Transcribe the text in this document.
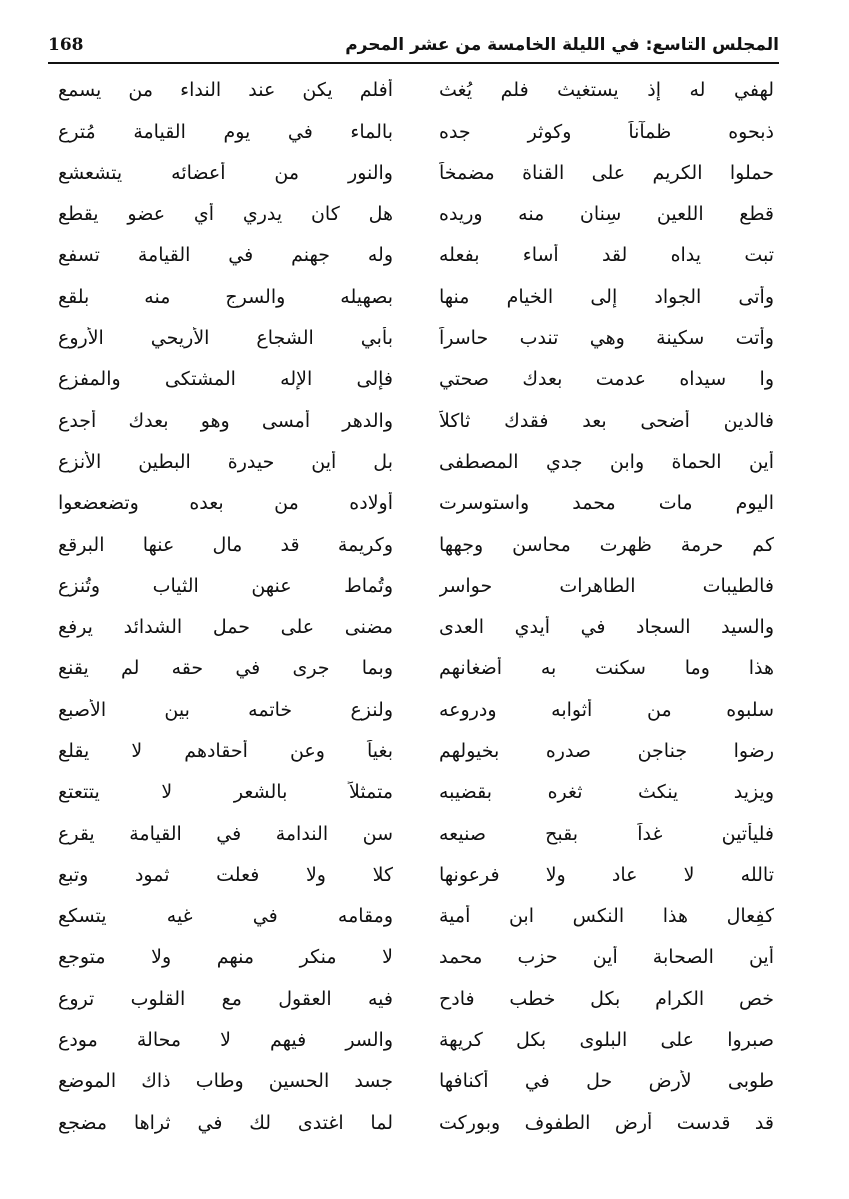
168	المجلس التاسع: في الليلة الخامسة من عشر المحرم
لهفي له إذ يستغيث فلم يُغث
أفلم يكن عند النداء من يسمع
ذبحوه ظمآناً وكوثر جده
بالماء في يوم القيامة مُترع
حملوا الكريم على القناة مضمخاً
والنور من أعضائه يتشعشع
قطع اللعين سِنان منه وريده
هل كان يدري أي عضو يقطع
تبت يداه لقد أساء بفعله
وله جهنم في القيامة تسفع
وأتى الجواد إلى الخيام منها
بصهيله والسرج منه بلقع
وأتت سكينة وهي تندب حاسراً
بأبي الشجاع الأريحي الأروع
وا سيداه عدمت بعدك صحتي
فإلى الإله المشتكى والمفزع
فالدين أضحى بعد فقدك ثاكلاً
والدهر أمسى وهو بعدك أجدع
أين الحماة وابن جدي المصطفى
بل أين حيدرة البطين الأنزع
اليوم مات محمد واستوسرت
أولاده من بعده وتضعضعوا
كم حرمة ظهرت محاسن وجهها
وكريمة قد مال عنها البرقع
فالطيبات الطاهرات حواسر
وتُماط عنهن الثياب وتُنزع
والسيد السجاد في أيدي العدى
مضنى على حمل الشدائد يرفع
هذا وما سكنت به أضغانهم
وبما جرى في حقه لم يقنع
سلبوه من أثوابه ودروعه
ولنزع خاتمه بين الأصبع
رضوا جناجن صدره بخيولهم
بغياً وعن أحقادهم لا يقلع
ويزيد ينكث ثغره بقضيبه
متمثلاً بالشعر لا يتتعتع
فليأتين غداً بقبح صنيعه
سن الندامة في القيامة يقرع
تالله لا عاد ولا فرعونها
كلا ولا فعلت ثمود وتبع
كفِعال هذا النكس ابن أمية
ومقامه في غيه يتسكع
أين الصحابة أين حزب محمد
لا منكر منهم ولا متوجع
خص الكرام بكل خطب فادح
فيه العقول مع القلوب تروع
صبروا على البلوى بكل كريهة
والسر فيهم لا محالة مودع
طوبى لأرض حل في أكنافها
جسد الحسين وطاب ذاك الموضع
قد قدست أرض الطفوف وبوركت
لما اغتدى لك في ثراها مضجع
